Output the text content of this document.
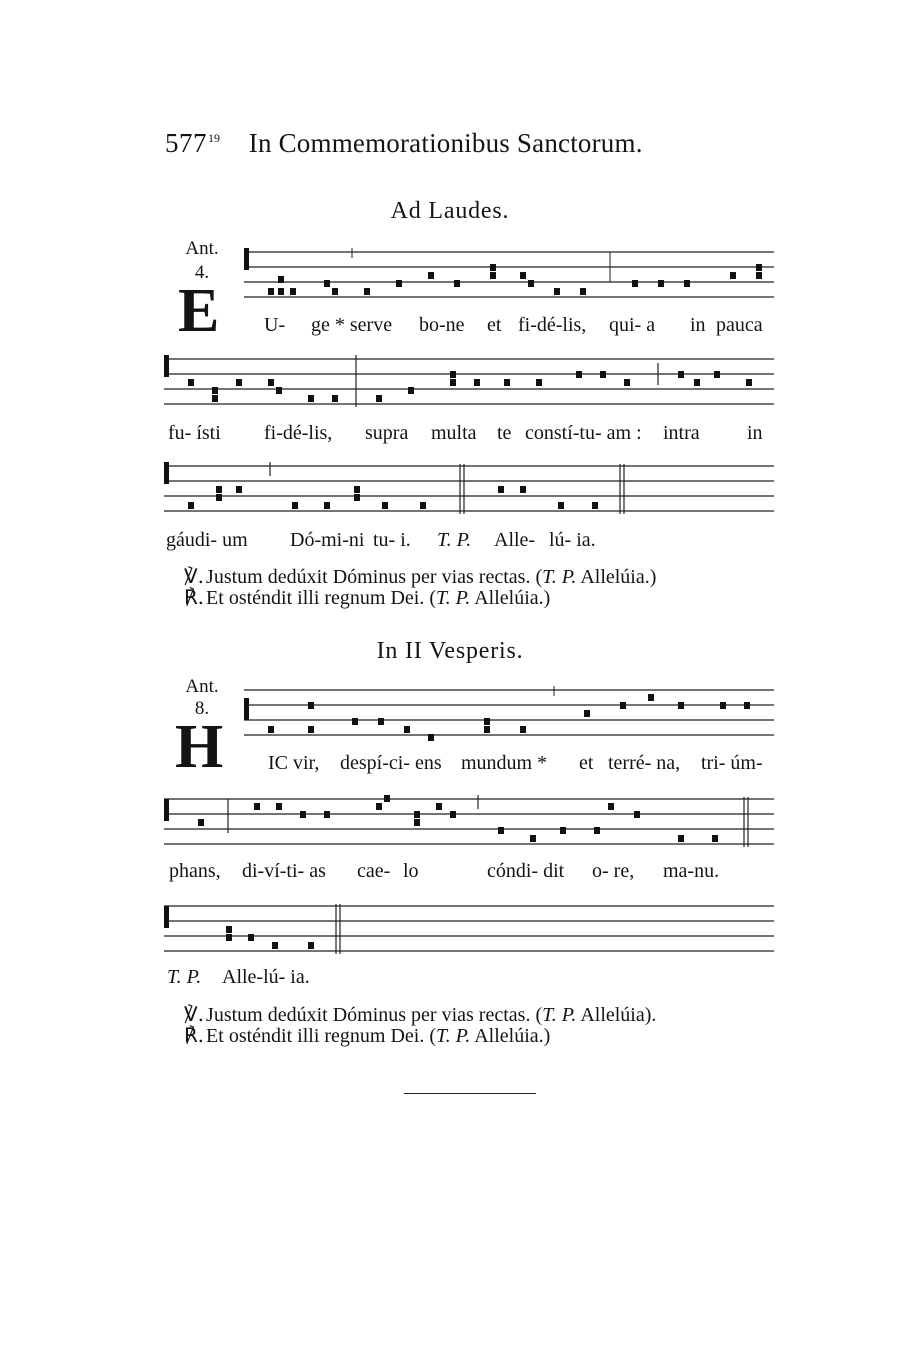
$577^{19}$ In Commemorationibus Sanctorum.
Ad Laudes.
Ant.
4.
E U- ge * serve bo-ne et fi-dé-lis, qui- a in pauca
fu- ísti fi-dé-lis, supra multa te constí-tu- am : intra in
gáudi- um Dó-mi-ni tu- i. T. P. Alle- lú- ia.
℣. Justum dedúxit Dóminus per vias rectas. (T. P. Allelúia.)
℟. Et osténdit illi regnum Dei. (T. P. Allelúia.)
In II Vesperis.
Ant.
8.
H IC vir, despí-ci- ens mundum * et terré- na, tri- úm-
phans, di-ví-ti- as cae- lo	cóndi- dit o- re, ma-nu.
T. P. Alle-lú- ia.
℣. Justum dedúxit Dóminus per vias rectas. (T. P. Allelúia).
℟. Et osténdit illi regnum Dei. (T. P. Allelúia.)
